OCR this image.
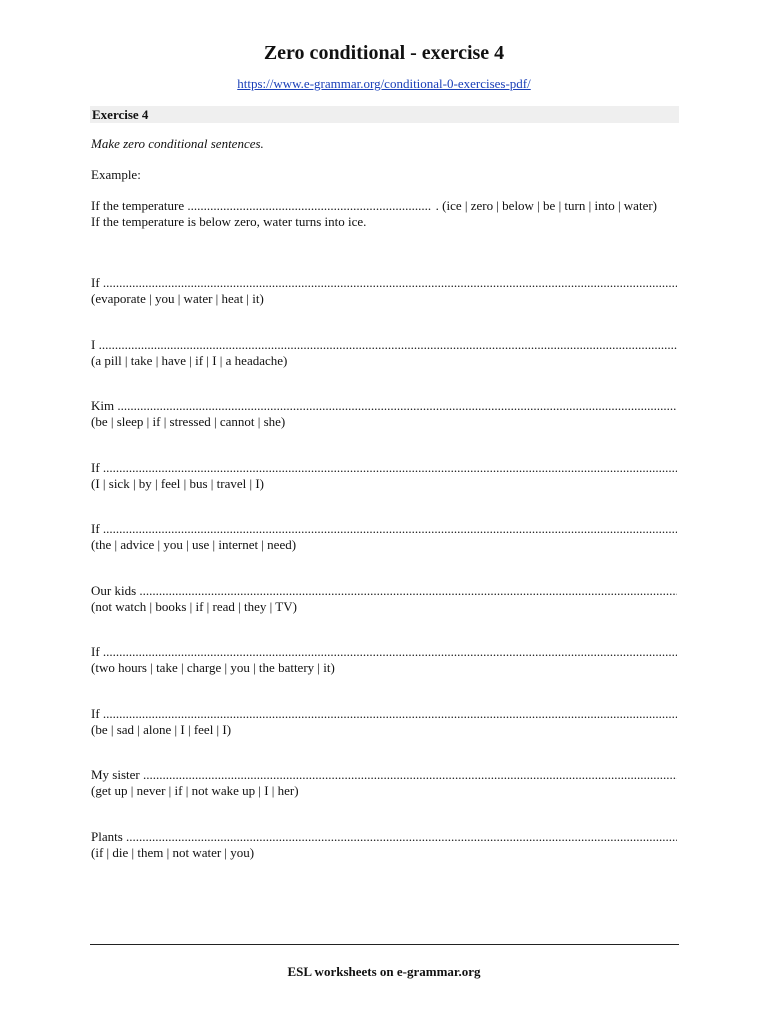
Zero conditional - exercise 4
https://www.e-grammar.org/conditional-0-exercises-pdf/
Exercise 4
Make zero conditional sentences.
Example:
If the temperature

.....
	. (ice | zero | below | be | turn | into | water)
If the temperature is below zero, water turns into ice.
If

.....
(evaporate | you | water | heat | it)
I

.....
(a pill | take | have | if | I | a headache)
Kim

.....
(be | sleep | if | stressed | cannot | she)
If

.....
(I | sick | by | feel | bus | travel | I)
If

.....
(the | advice | you | use | internet | need)
Our kids

.....
(not watch | books | if | read | they | TV)
If

.....
(two hours | take | charge | you | the battery | it)
If

.....
(be | sad | alone | I | feel | I)
My sister

.....
(get up | never | if | not wake up | I | her)
Plants

.....
(if | die | them | not water | you)
ESL worksheets on e-grammar.org
